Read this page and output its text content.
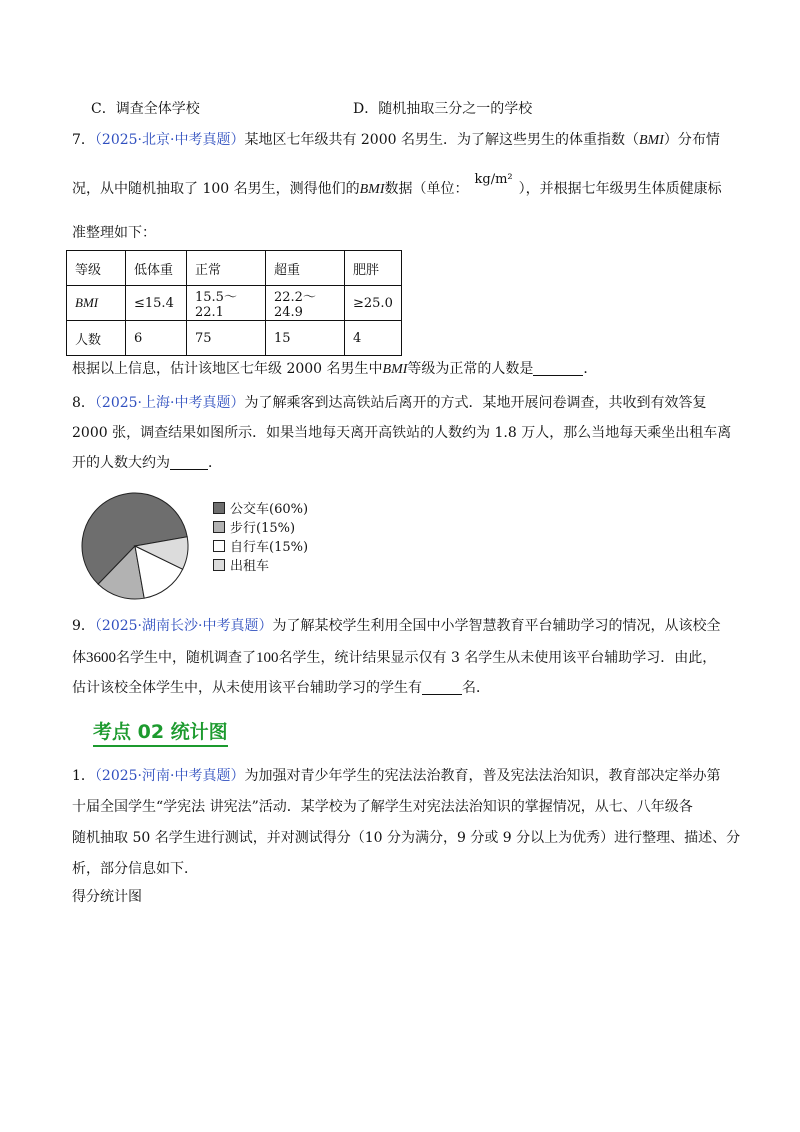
C．调查全体学校	D．随机抽取三分之一的学校
7．（2025·北京·中考真题）某地区七年级共有 2000 名男生．为了解这些男生的体重指数（BMI）分布情
况，从中随机抽取了 100 名男生，测得他们的BMI数据（单位：kg/m²），并根据七年级男生体质健康标
准整理如下：
等级	低体重	正常	超重	肥胖
BMI	≤15.4	15.5～22.1	22.2～24.9	≥25.0
人数	6	75	15	4
根据以上信息，估计该地区七年级 2000 名男生中BMI等级为正常的人数是	．
8．（2025·上海·中考真题）为了解乘客到达高铁站后离开的方式．某地开展问卷调查，共收到有效答复
2000 张，调查结果如图所示．如果当地每天离开高铁站的人数约为 1.8 万人，那么当地每天乘坐出租车离
开的人数大约为	．
公交车(60%)
步行(15%)
自行车(15%)
出租车
9．（2025·湖南长沙·中考真题）为了解某校学生利用全国中小学智慧教育平台辅助学习的情况，从该校全
体3600名学生中，随机调查了100名学生，统计结果显示仅有 3 名学生从未使用该平台辅助学习．由此，
估计该校全体学生中，从未使用该平台辅助学习的学生有	名．
考点 02 统计图
1．（2025·河南·中考真题）为加强对青少年学生的宪法法治教育，普及宪法法治知识，教育部决定举办第
十届全国学生“学宪法 讲宪法”活动．某学校为了解学生对宪法法治知识的掌握情况，从七、八年级各
随机抽取 50 名学生进行测试，并对测试得分（10 分为满分，9 分或 9 分以上为优秀）进行整理、描述、分
析，部分信息如下．
得分统计图
